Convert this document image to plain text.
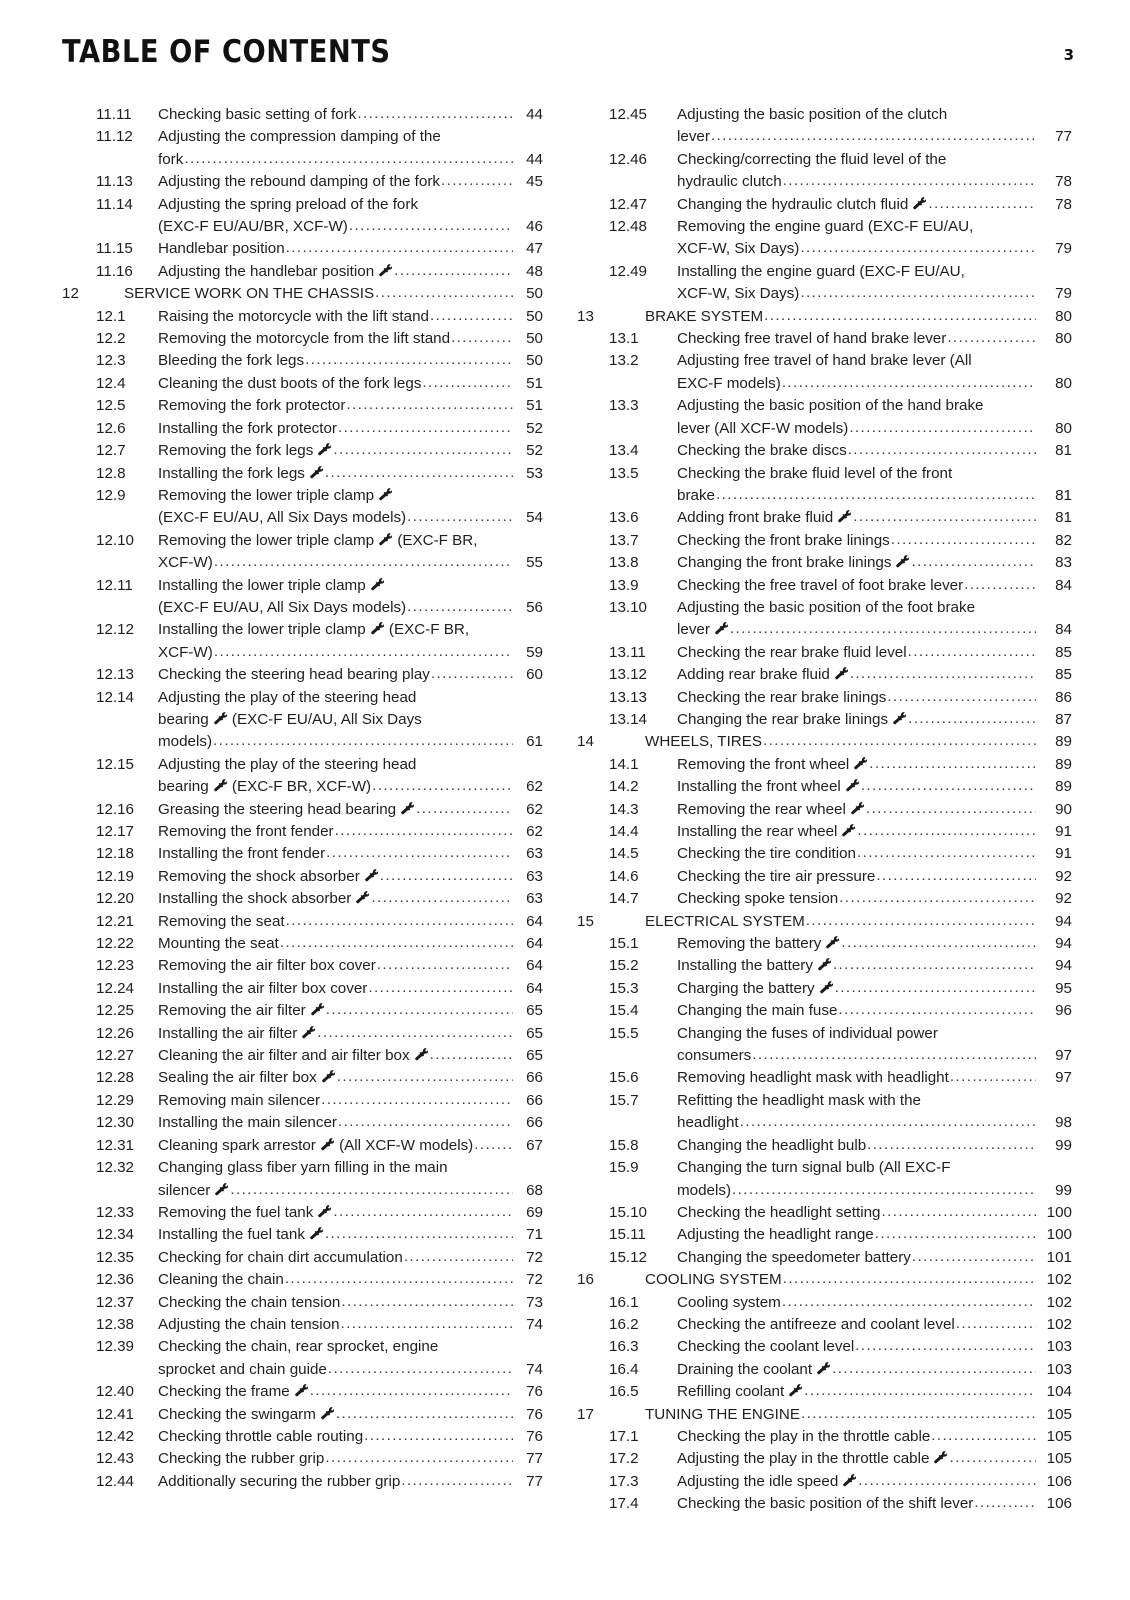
TABLE OF CONTENTS	3
11.11	Checking basic setting of fork .....	44
11.12	Adjusting the compression damping of the
fork .....	44
11.13	Adjusting the rebound damping of the fork .....	45
11.14	Adjusting the spring preload of the fork
(EXC-F EU/AU/BR, XCF-W) .....	46
11.15	Handlebar position .....	47
11.16	Adjusting the handlebar position .....	48
12	SERVICE WORK ON THE CHASSIS .....	50
12.1	Raising the motorcycle with the lift stand .....	50
12.2	Removing the motorcycle from the lift stand .....	50
12.3	Bleeding the fork legs .....	50
12.4	Cleaning the dust boots of the fork legs .....	51
12.5	Removing the fork protector .....	51
12.6	Installing the fork protector .....	52
12.7	Removing the fork legs .....	52
12.8	Installing the fork legs .....	53
12.9	Removing the lower triple clamp
(EXC-F EU/AU, All Six Days models) .....	54
12.10	Removing the lower triple clamp (EXC-F BR,
XCF-W) .....	55
12.11	Installing the lower triple clamp
(EXC-F EU/AU, All Six Days models) .....	56
12.12	Installing the lower triple clamp (EXC-F BR,
XCF-W) .....	59
12.13	Checking the steering head bearing play .....	60
12.14	Adjusting the play of the steering head
bearing (EXC-F EU/AU, All Six Days
models) .....	61
12.15	Adjusting the play of the steering head
bearing (EXC-F BR, XCF-W) .....	62
12.16	Greasing the steering head bearing .....	62
12.17	Removing the front fender .....	62
12.18	Installing the front fender .....	63
12.19	Removing the shock absorber .....	63
12.20	Installing the shock absorber .....	63
12.21	Removing the seat .....	64
12.22	Mounting the seat .....	64
12.23	Removing the air filter box cover .....	64
12.24	Installing the air filter box cover .....	64
12.25	Removing the air filter .....	65
12.26	Installing the air filter .....	65
12.27	Cleaning the air filter and air filter box .....	65
12.28	Sealing the air filter box .....	66
12.29	Removing main silencer .....	66
12.30	Installing the main silencer .....	66
12.31	Cleaning spark arrestor (All XCF-W models) .....	67
12.32	Changing glass fiber yarn filling in the main
silencer .....	68
12.33	Removing the fuel tank .....	69
12.34	Installing the fuel tank .....	71
12.35	Checking for chain dirt accumulation .....	72
12.36	Cleaning the chain .....	72
12.37	Checking the chain tension .....	73
12.38	Adjusting the chain tension .....	74
12.39	Checking the chain, rear sprocket, engine
sprocket and chain guide .....	74
12.40	Checking the frame .....	76
12.41	Checking the swingarm .....	76
12.42	Checking throttle cable routing .....	76
12.43	Checking the rubber grip .....	77
12.44	Additionally securing the rubber grip .....	77
12.45	Adjusting the basic position of the clutch
lever .....	77
12.46	Checking/correcting the fluid level of the
hydraulic clutch .....	78
12.47	Changing the hydraulic clutch fluid .....	78
12.48	Removing the engine guard (EXC-F EU/AU,
XCF-W, Six Days) .....	79
12.49	Installing the engine guard (EXC-F EU/AU,
XCF-W, Six Days) .....	79
13	BRAKE SYSTEM .....	80
13.1	Checking free travel of hand brake lever .....	80
13.2	Adjusting free travel of hand brake lever (All
EXC-F models) .....	80
13.3	Adjusting the basic position of the hand brake
lever (All XCF-W models) .....	80
13.4	Checking the brake discs .....	81
13.5	Checking the brake fluid level of the front
brake .....	81
13.6	Adding front brake fluid .....	81
13.7	Checking the front brake linings .....	82
13.8	Changing the front brake linings .....	83
13.9	Checking the free travel of foot brake lever .....	84
13.10	Adjusting the basic position of the foot brake
lever .....	84
13.11	Checking the rear brake fluid level .....	85
13.12	Adding rear brake fluid .....	85
13.13	Checking the rear brake linings .....	86
13.14	Changing the rear brake linings .....	87
14	WHEELS, TIRES .....	89
14.1	Removing the front wheel .....	89
14.2	Installing the front wheel .....	89
14.3	Removing the rear wheel .....	90
14.4	Installing the rear wheel .....	91
14.5	Checking the tire condition .....	91
14.6	Checking the tire air pressure .....	92
14.7	Checking spoke tension .....	92
15	ELECTRICAL SYSTEM .....	94
15.1	Removing the battery .....	94
15.2	Installing the battery .....	94
15.3	Charging the battery .....	95
15.4	Changing the main fuse .....	96
15.5	Changing the fuses of individual power
consumers .....	97
15.6	Removing headlight mask with headlight .....	97
15.7	Refitting the headlight mask with the
headlight .....	98
15.8	Changing the headlight bulb .....	99
15.9	Changing the turn signal bulb (All EXC-F
models) .....	99
15.10	Checking the headlight setting .....	100
15.11	Adjusting the headlight range .....	100
15.12	Changing the speedometer battery .....	101
16	COOLING SYSTEM .....	102
16.1	Cooling system .....	102
16.2	Checking the antifreeze and coolant level .....	102
16.3	Checking the coolant level .....	103
16.4	Draining the coolant .....	103
16.5	Refilling coolant .....	104
17	TUNING THE ENGINE .....	105
17.1	Checking the play in the throttle cable .....	105
17.2	Adjusting the play in the throttle cable .....	105
17.3	Adjusting the idle speed .....	106
17.4	Checking the basic position of the shift lever .....	106
